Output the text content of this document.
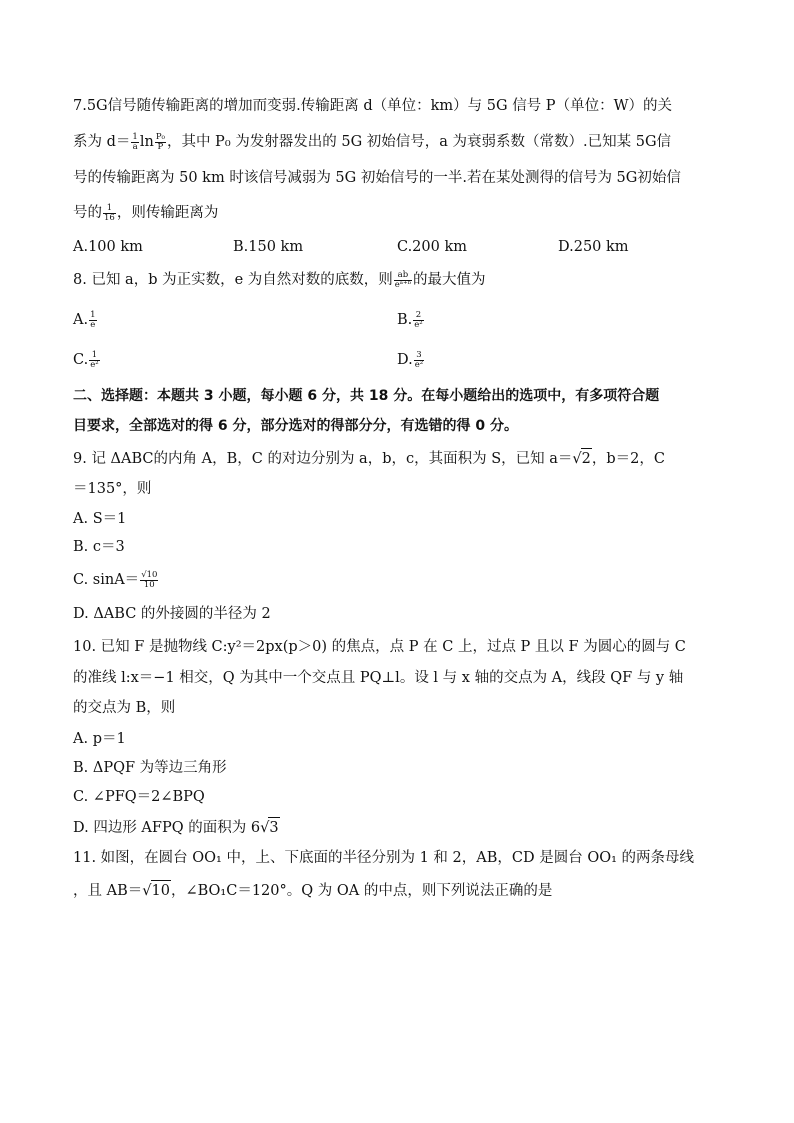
7.5G信号随传输距离的增加而变弱.传输距离 d（单位：km）与 5G 信号 P（单位：W）的关
系为 $d= \frac{1}{a}$ $\ln \frac{\text{P₀}}{P}$ ，其中 P₀ 为发射器发出的 5G 初始信号，a 为衰弱系数（常数）.已知某 5G信
号的传输距离为 50 km 时该信号减弱为 5G 初始信号的一半.若在某处测得的信号为 5G初始信
号的 $\frac{1}{16}$ ，则传输距离为
A.100 km	B.150 km	C.200 km	D.250 km
8. 已知 a，b 为正实数，e 为自然对数的底数，则 $\frac{ab}{\text{eᵃ⁺ᵇ}}$ 的最大值为
A. $\frac{1}{e}$	B. $\frac{2}{\text{e²}}$
C. $\frac{1}{\text{e²}}$	D. $\frac{3}{\text{e²}}$
二、选择题：本题共 3 小题，每小题 6 分，共 18 分。在每小题给出的选项中，有多项符合题
目要求，全部选对的得 6 分，部分选对的得部分分，有选错的得 0 分。
9. 记 ΔABC的内角 A，B，C 的对边分别为 a，b，c，其面积为 S，已知 a＝√2，b＝2，C
＝135°，则
A. S＝1
B. c＝3
C. $\sin A= \frac{√10}{10}$
D. ΔABC 的外接圆的半径为 2
10. 已知 F 是抛物线 C:y²＝2px(p＞0) 的焦点，点 P 在 C 上，过点 P 且以 F 为圆心的圆与 C
的准线 l:x＝−1 相交，Q 为其中一个交点且 PQ⊥l。设 l 与 x 轴的交点为 A，线段 QF 与 y 轴
的交点为 B，则
A. p＝1
B. ΔPQF 为等边三角形
C. ∠PFQ＝2∠BPQ
D. 四边形 AFPQ 的面积为 6√3
11. 如图，在圆台 OO₁ 中，上、下底面的半径分别为 1 和 2，AB，CD 是圆台 OO₁ 的两条母线
，且 AB＝√10，∠BO₁C＝120°。Q 为 OA 的中点，则下列说法正确的是
